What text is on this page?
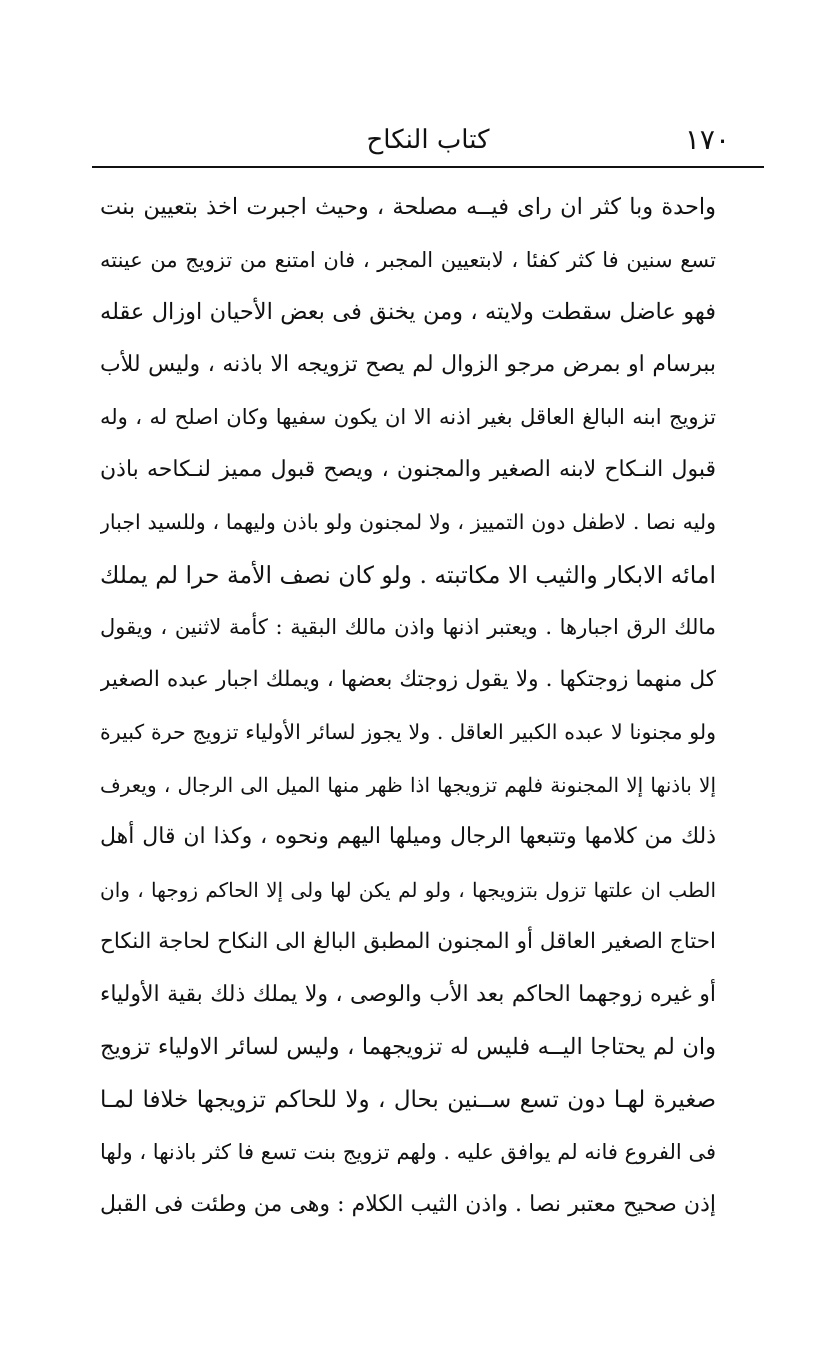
١٧٠
كتاب النكاح
واحدة وبا كثر ان راى فيــه مصلحة ، وحيث اجبرت اخذ بتعيين بنت
تسع سنين فا كثر كفئا ، لابتعيين المجبر ، فان امتنع من تزويج من عينته
فهو عاضل سقطت ولايته ، ومن يخنق فى بعض الأحيان اوزال عقله
ببرسام او بمرض مرجو الزوال لم يصح تزويجه الا باذنه ، وليس للأب
تزويج ابنه البالغ العاقل بغير اذنه الا ان يكون سفيها وكان اصلح له ، وله
قبول النـكاح لابنه الصغير والمجنون ، ويصح قبول مميز لنـكاحه باذن
وليه نصا . لاطفل دون التمييز ، ولا لمجنون ولو باذن وليهما ، وللسيد اجبار
امائه الابكار والثيب الا مكاتبته . ولو كان نصف الأمة حرا لم يملك
مالك الرق اجبارها . ويعتبر اذنها واذن مالك البقية : كأمة لاثنين ، ويقول
كل منهما زوجتكها . ولا يقول زوجتك بعضها ، ويملك اجبار عبده الصغير
ولو مجنونا لا عبده الكبير العاقل . ولا يجوز لسائر الأولياء تزويج حرة كبيرة
إلا باذنها إلا المجنونة فلهم تزويجها اذا ظهر منها الميل الى الرجال ، ويعرف
ذلك من كلامها وتتبعها الرجال وميلها اليهم ونحوه ، وكذا ان قال أهل
الطب ان علتها تزول بتزويجها ، ولو لم يكن لها ولى إلا الحاكم زوجها ، وان
احتاج الصغير العاقل أو المجنون المطبق البالغ الى النكاح لحاجة النكاح
أو غيره زوجهما الحاكم بعد الأب والوصى ، ولا يملك ذلك بقية الأولياء
وان لم يحتاجا اليــه فليس له تزويجهما ، وليس لسائر الاولياء تزويج
صغيرة لهـا دون تسع ســنين بحال ، ولا للحاكم تزويجها خلافا لمـا
فى الفروع فانه لم يوافق عليه . ولهم تزويج بنت تسع فا كثر باذنها ، ولها
إذن صحيح معتبر نصا . واذن الثيب الكلام : وهى من وطئت فى القبل
